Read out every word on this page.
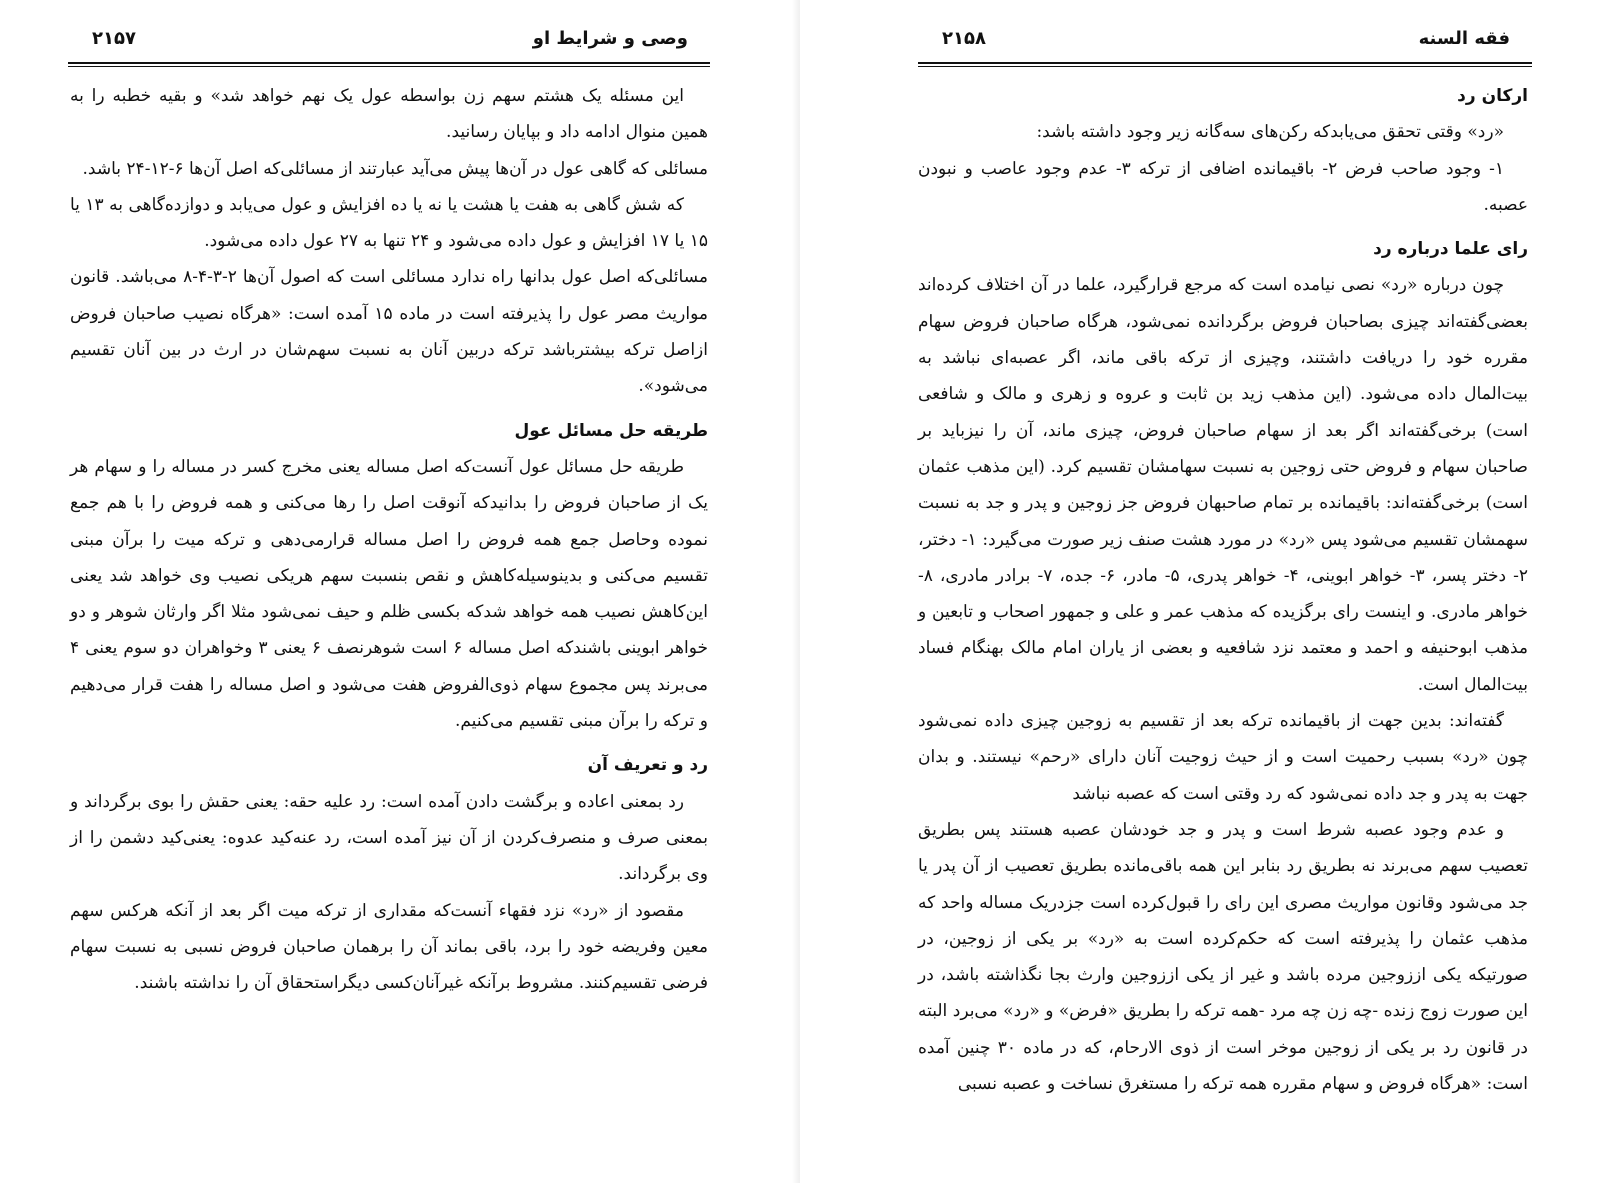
وصی و شرایط او
۲۱۵۷

این مسئله یک هشتم سهم زن بواسطه عول یک نهم خواهد شد» و بقیه خطبه را به همین منوال ادامه داد و بپایان رسانید.

مسائلی که گاهی عول در آن‌ها پیش می‌آید عبارتند از مسائلی‌که اصل آن‌ها ۶-۱۲-۲۴ باشد.

که شش گاهی به هفت یا هشت یا نه یا ده افزایش و عول می‌یابد و دوازده‌گاهی به ۱۳ یا ۱۵ یا ۱۷ افزایش و عول داده می‌شود و ۲۴ تنها به ۲۷ عول داده می‌شود.

مسائلی‌که اصل عول بدانها راه ندارد مسائلی است که اصول آن‌ها ۲-۳-۴-۸ می‌باشد. قانون مواریث مصر عول را پذیرفته است در ماده ۱۵ آمده است: «هرگاه نصیب صاحبان فروض ازاصل ترکه بیشترباشد ترکه دربین آنان به نسبت سهم‌شان در ارث در بین آنان تقسیم می‌شود».

طریقه حل مسائل عول

طریقه حل مسائل عول آنست‌که اصل مساله یعنی مخرج کسر در مساله را و سهام هر یک از صاحبان فروض را بدانیدکه آنوقت اصل را رها می‌کنی و همه فروض را با هم جمع نموده وحاصل جمع همه فروض را اصل مساله قرارمی‌دهی و ترکه میت را برآن مبنی تقسیم می‌کنی و بدینوسیله‌کاهش و نقص بنسبت سهم هریکی نصیب وی خواهد شد یعنی این‌کاهش نصیب همه خواهد شدکه بکسی ظلم و حیف نمی‌شود مثلا اگر وارثان شوهر و دو خواهر ابوینی باشندکه اصل مساله ۶ است شوهرنصف ۶ یعنی ۳ وخواهران دو سوم یعنی ۴ می‌برند پس مجموع سهام ذوی‌الفروض هفت می‌شود و اصل مساله را هفت قرار می‌دهیم و ترکه را برآن مبنی تقسیم می‌کنیم.

رد و تعریف آن

رد بمعنی اعاده و برگشت دادن آمده است: رد علیه حقه: یعنی حقش را بوی برگرداند و بمعنی صرف و منصرف‌کردن از آن نیز آمده است، رد عنه‌کید عدوه: یعنی‌کید دشمن را از وی برگرداند.

مقصود از «رد» نزد فقهاء آنست‌که مقداری از ترکه میت اگر بعد از آنکه هرکس سهم معین وفریضه خود را برد، باقی بماند آن را برهمان صاحبان فروض نسبی به نسبت سهام فرضی تقسیم‌کنند. مشروط برآنکه غیرآنان‌کسی دیگراستحقاق آن را نداشته باشند.

فقه السنه
۲۱۵۸

ارکان رد

«رد» وقتی تحقق می‌یابدکه رکن‌های سه‌گانه زیر وجود داشته باشد:

۱- وجود صاحب فرض ۲- باقیمانده اضافی از ترکه ۳- عدم وجود عاصب و نبودن عصبه.

رای علما درباره رد

چون درباره «رد» نصی نیامده است که مرجع قرارگیرد، علما در آن اختلاف کرده‌اند بعضی‌گفته‌اند چیزی بصاحبان فروض برگردانده نمی‌شود، هرگاه صاحبان فروض سهام مقرره خود را دریافت داشتند، وچیزی از ترکه باقی ماند، اگر عصبه‌ای نباشد به بیت‌المال داده می‌شود. (این مذهب زید بن ثابت و عروه و زهری و مالک و شافعی است) برخی‌گفته‌اند اگر بعد از سهام صاحبان فروض، چیزی ماند، آن را نیزباید بر صاحبان سهام و فروض حتی زوجین به نسبت سهامشان تقسیم کرد. (این مذهب عثمان است) برخی‌گفته‌اند: باقیمانده بر تمام صاحبهان فروض جز زوجین و پدر و جد به نسبت سهمشان تقسیم می‌شود پس «رد» در مورد هشت صنف زیر صورت می‌گیرد: ۱- دختر، ۲- دختر پسر، ۳- خواهر ابوینی، ۴- خواهر پدری، ۵- مادر، ۶- جده، ۷- برادر مادری، ۸- خواهر مادری. و اینست رای برگزیده که مذهب عمر و علی و جمهور اصحاب و تابعین و مذهب ابوحنیفه و احمد و معتمد نزد شافعیه و بعضی از یاران امام مالک بهنگام فساد بیت‌المال است.

گفته‌اند: بدین جهت از باقیمانده ترکه بعد از تقسیم به زوجین چیزی داده نمی‌شود چون «رد» بسبب رحمیت است و از حیث زوجیت آنان دارای «رحم» نیستند. و بدان جهت به پدر و جد داده نمی‌شود که رد وقتی است که عصبه نباشد

و عدم وجود عصبه شرط است و پدر و جد خودشان عصبه هستند پس بطریق تعصیب سهم می‌برند نه بطریق رد بنابر این همه باقی‌مانده بطریق تعصیب از آن پدر یا جد می‌شود وقانون مواریث مصری این رای را قبول‌کرده است جزدریک مساله واحد که مذهب عثمان را پذیرفته است که حکم‌کرده است به «رد» بر یکی از زوجین، در صورتیکه یکی اززوجین مرده باشد و غیر از یکی اززوجین وارث بجا نگذاشته باشد، در این صورت زوج زنده -چه زن چه مرد -همه ترکه را بطریق «فرض» و «رد» می‌برد البته در قانون رد بر یکی از زوجین موخر است از ذوی الارحام، که در ماده ۳۰ چنین آمده است: «هرگاه فروض و سهام مقرره همه ترکه را مستغرق نساخت و عصبه نسبی
